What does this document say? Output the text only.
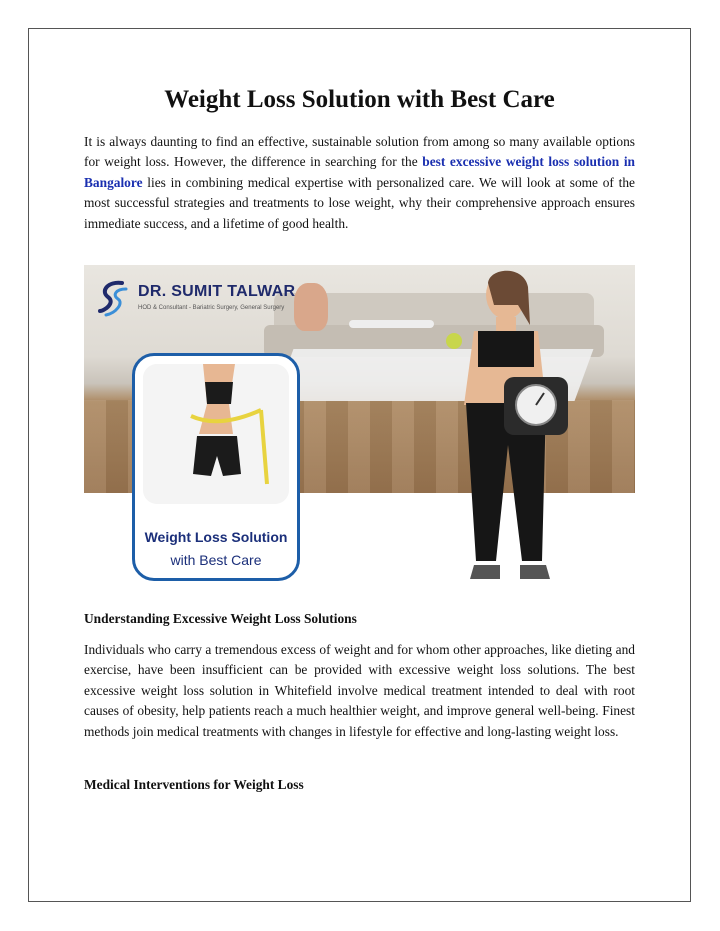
Weight Loss Solution with Best Care

It is always daunting to find an effective, sustainable solution from among so many available options for weight loss. However, the difference in searching for the best excessive weight loss solution in Bangalore lies in combining medical expertise with personalized care. We will look at some of the most successful strategies and treatments to lose weight, why their comprehensive approach ensures immediate success, and a lifetime of good health.

DR. SUMIT TALWAR
HOD & Consultant - Bariatric Surgery, General Surgery
Weight Loss Solution
with Best Care
Understanding Excessive Weight Loss Solutions

Individuals who carry a tremendous excess of weight and for whom other approaches, like dieting and exercise, have been insufficient can be provided with excessive weight loss solutions. The best excessive weight loss solution in Whitefield involve medical treatment intended to deal with root causes of obesity, help patients reach a much healthier weight, and improve general well-being. Finest methods join medical treatments with changes in lifestyle for effective and long-lasting weight loss.

Medical Interventions for Weight Loss
